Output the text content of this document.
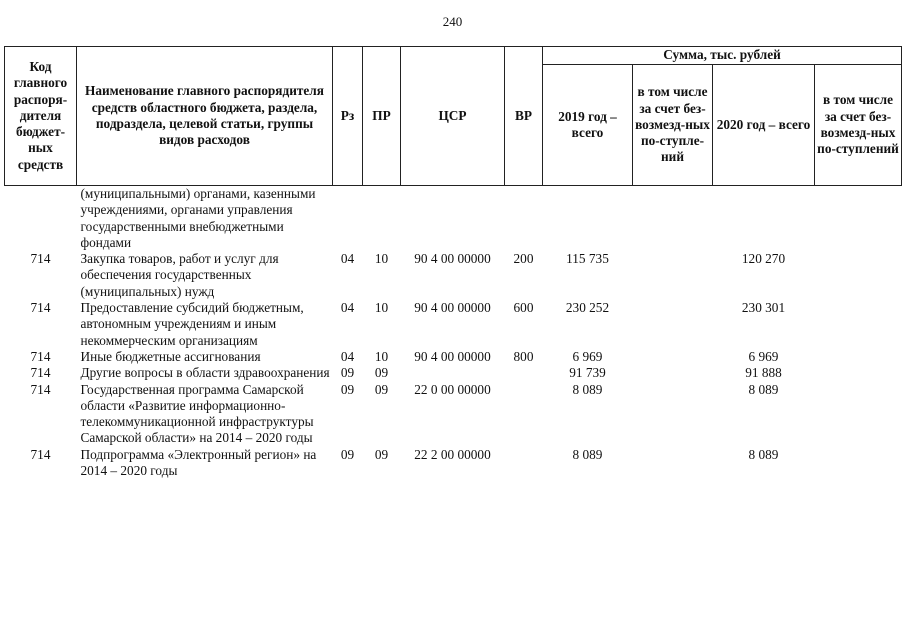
240
Код главного распоря-дителя бюджет-ных средств	Наименование главного распорядителя средств областного бюджета, раздела, подраздела, целевой статьи, группы видов расходов	Рз	ПР	ЦСР	ВР	Сумма, тыс. рублей			
						2019 год – всего	в том числе за счет без-возмезд-ных по-ступле-ний	2020 год – всего	в том числе за счет без-возмезд-ных по-ступлений
	(муниципальными) органами, казенными учреждениями, органами управления государственными внебюджетными фондами								
714	Закупка товаров, работ и услуг для обеспечения государственных (муниципальных) нужд	04	10	90 4 00 00000	200	115 735		120 270	
714	Предоставление субсидий бюджетным, автономным учреждениям и иным некоммерческим организациям	04	10	90 4 00 00000	600	230 252		230 301	
714	Иные бюджетные ассигнования	04	10	90 4 00 00000	800	6 969		6 969	
714	Другие вопросы в области здравоохранения	09	09			91 739		91 888	
714	Государственная программа Самарской области «Развитие информационно-телекоммуникационной инфраструктуры Самарской области» на 2014 – 2020 годы	09	09	22 0 00 00000		8 089		8 089	
714	Подпрограмма «Электронный регион» на 2014 – 2020 годы	09	09	22 2 00 00000		8 089		8 089	
